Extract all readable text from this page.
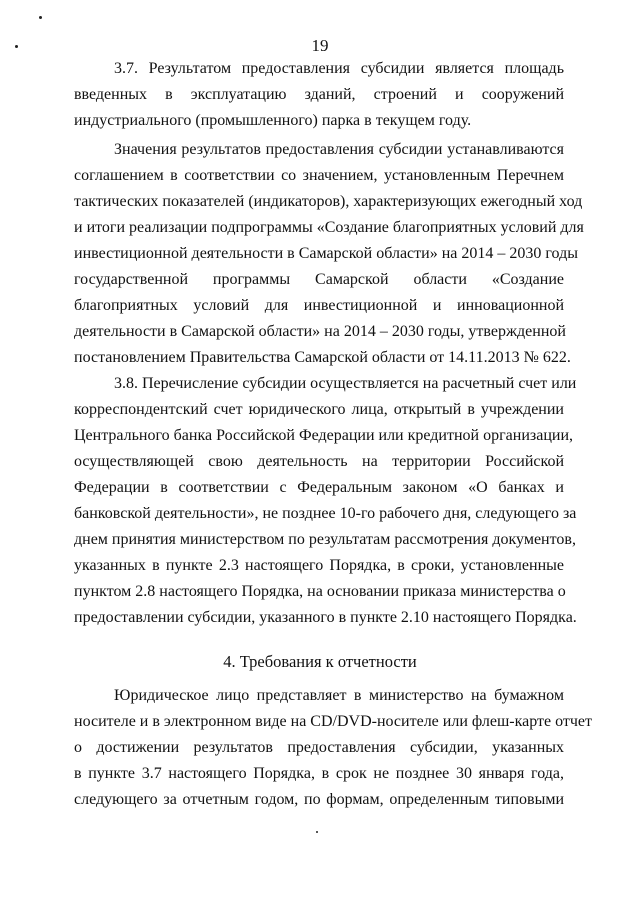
19
3.7. Результатом предоставления субсидии является площадь
введенных в эксплуатацию зданий, строений и сооружений
индустриального (промышленного) парка в текущем году.
Значения результатов предоставления субсидии устанавливаются
соглашением в соответствии со значением, установленным Перечнем
тактических показателей (индикаторов), характеризующих ежегодный ход
и итоги реализации подпрограммы «Создание благоприятных условий для
инвестиционной деятельности в Самарской области» на 2014 – 2030 годы
государственной программы Самарской области «Создание
благоприятных условий для инвестиционной и инновационной
деятельности в Самарской области» на 2014 – 2030 годы, утвержденной
постановлением Правительства Самарской области от 14.11.2013 № 622.
3.8. Перечисление субсидии осуществляется на расчетный счет или
корреспондентский счет юридического лица, открытый в учреждении
Центрального банка Российской Федерации или кредитной организации,
осуществляющей свою деятельность на территории Российской
Федерации в соответствии с Федеральным законом «О банках и
банковской деятельности», не позднее 10-го рабочего дня, следующего за
днем принятия министерством по результатам рассмотрения документов,
указанных в пункте 2.3 настоящего Порядка, в сроки, установленные
пунктом 2.8 настоящего Порядка, на основании приказа министерства о
предоставлении субсидии, указанного в пункте 2.10 настоящего Порядка.
4. Требования к отчетности
Юридическое лицо представляет в министерство на бумажном
носителе и в электронном виде на CD/DVD-носителе или флеш-карте отчет
о достижении результатов предоставления субсидии, указанных
в пункте 3.7 настоящего Порядка, в срок не позднее 30 января года,
следующего за отчетным годом, по формам, определенным типовыми
